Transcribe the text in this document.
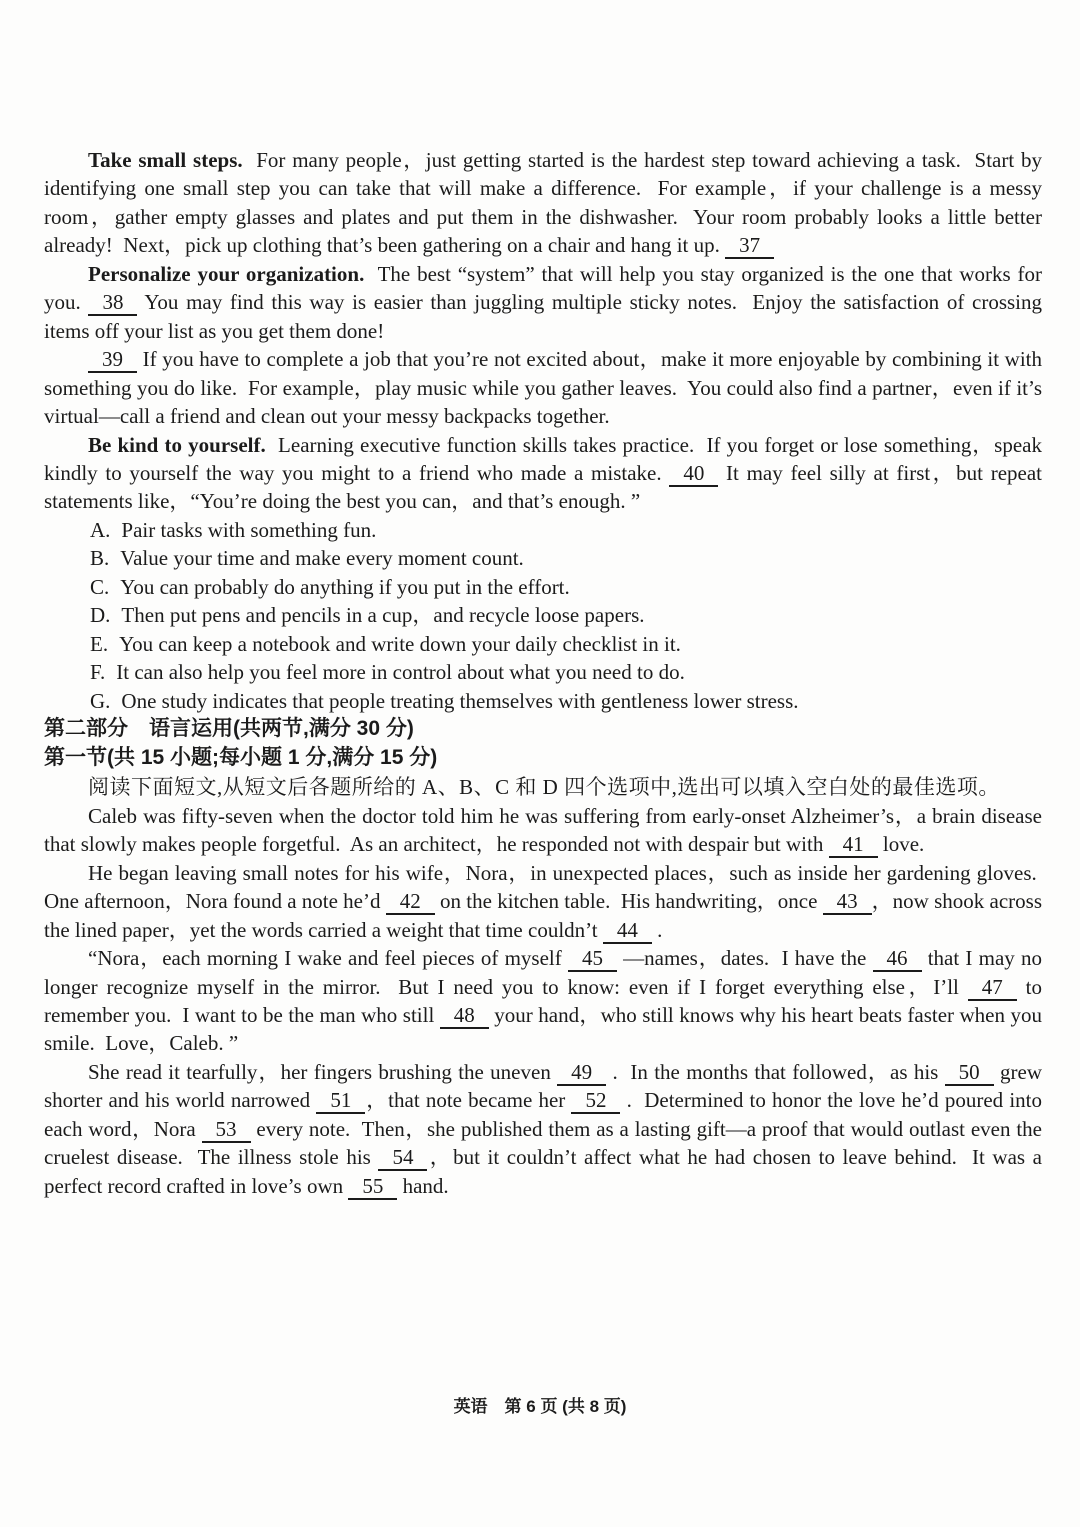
Take small steps.  For many people，just getting started is the hardest step toward achieving a task.  Start by identifying one small step you can take that will make a difference.  For example，if your challenge is a messy room，gather empty glasses and plates and put them in the dishwasher.  Your room probably looks a little better already!  Next，pick up clothing that’s been gathering on a chair and hang it up. 37

Personalize your organization.  The best “system” that will help you stay organized is the one that works for you. 38 You may find this way is easier than juggling multiple sticky notes.  Enjoy the satisfaction of crossing items off your list as you get them done!

39 If you have to complete a job that you’re not excited about，make it more enjoyable by combining it with something you do like.  For example，play music while you gather leaves.  You could also find a partner，even if it’s virtual—call a friend and clean out your messy backpacks together.

Be kind to yourself.  Learning executive function skills takes practice.  If you forget or lose something，speak kindly to yourself the way you might to a friend who made a mistake. 40 It may feel silly at first，but repeat statements like，“You’re doing the best you can，and that’s enough. ”

A. Pair tasks with something fun.

B. Value your time and make every moment count.

C. You can probably do anything if you put in the effort.

D. Then put pens and pencils in a cup，and recycle loose papers.

E. You can keep a notebook and write down your daily checklist in it.

F. It can also help you feel more in control about what you need to do.

G. One study indicates that people treating themselves with gentleness lower stress.

第二部分　语言运用(共两节,满分 30 分)

第一节(共 15 小题;每小题 1 分,满分 15 分)

阅读下面短文,从短文后各题所给的 A、B、C 和 D 四个选项中,选出可以填入空白处的最佳选项。

Caleb was fifty-seven when the doctor told him he was suffering from early-onset Alzheimer’s，a brain disease that slowly makes people forgetful.  As an architect，he responded not with despair but with 41 love.

He began leaving small notes for his wife，Nora，in unexpected places，such as inside her gardening gloves.  One afternoon，Nora found a note he’d 42 on the kitchen table.  His handwriting，once 43 ，now shook across the lined paper，yet the words carried a weight that time couldn’t 44 .

“Nora，each morning I wake and feel pieces of myself 45 —names，dates.  I have the 46 that I may no longer recognize myself in the mirror.  But I need you to know: even if I forget everything else，I’ll 47 to remember you.  I want to be the man who still 48 your hand，who still knows why his heart beats faster when you smile.  Love，Caleb. ”

She read it tearfully，her fingers brushing the uneven 49 .  In the months that followed，as his 50 grew shorter and his world narrowed 51 ，that note became her 52 .  Determined to honor the love he’d poured into each word，Nora 53 every note.  Then，she published them as a lasting gift—a proof that would outlast even the cruelest disease.  The illness stole his 54 ，but it couldn’t affect what he had chosen to leave behind.  It was a perfect record crafted in love’s own 55 hand.

英语　第 6 页 (共 8 页)
